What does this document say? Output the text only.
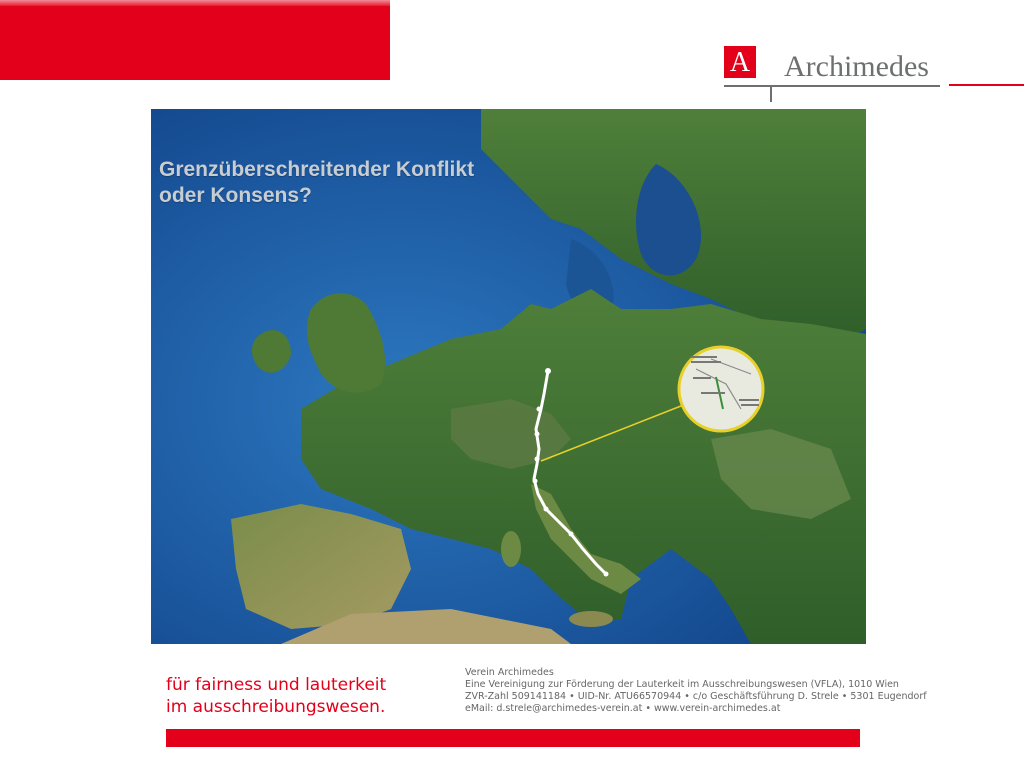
A Archimedes
Grenzüberschreitender Konflikt
oder Konsens?
für fairness und lauterkeit
im ausschreibungswesen.
Verein Archimedes
Eine Vereinigung zur Förderung der Lauterkeit im Ausschreibungswesen (VFLA), 1010 Wien
ZVR-Zahl 509141184 • UID-Nr. ATU66570944 • c/o Geschäftsführung D. Strele • 5301 Eugendorf
eMail: d.strele@archimedes-verein.at • www.verein-archimedes.at
